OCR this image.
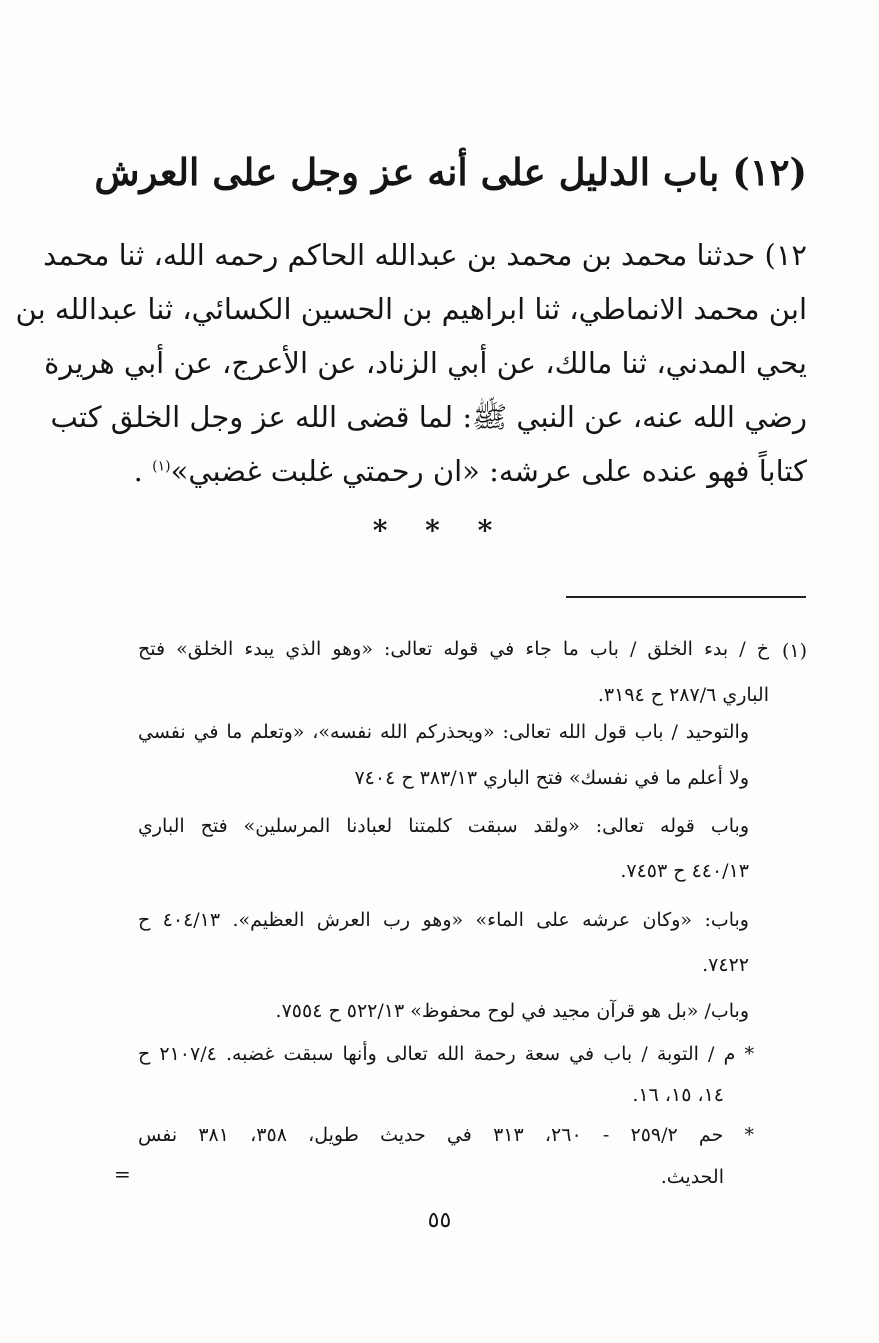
(١٢) باب الدليل على أنه عز وجل على العرش
١٢) حدثنا محمد بن محمد بن عبدالله الحاكم رحمه الله، ثنا محمد
ابن محمد الانماطي، ثنا ابراهيم بن الحسين الكسائي، ثنا عبدالله بن
يحي المدني، ثنا مالك، عن أبي الزناد، عن الأعرج، عن أبي هريرة
رضي الله عنه، عن النبي ﷺ: لما قضى الله عز وجل الخلق كتب
كتاباً فهو عنده على عرشه: «ان رحمتي غلبت غضبي»$^{(١)}$ .
* * *
(١)
خ / بدء الخلق / باب ما جاء في قوله تعالى: «وهو الذي يبدء الخلق» فتح
الباري ٢٨٧/٦ ح ٣١٩٤.
والتوحيد / باب قول الله تعالى: «ويحذركم الله نفسه»، «وتعلم ما في نفسي
ولا أعلم ما في نفسك» فتح الباري ٣٨٣/١٣ ح ٧٤٠٤
وباب قوله تعالى: «ولقد سبقت كلمتنا لعبادنا المرسلين» فتح الباري
٤٤٠/١٣ ح ٧٤٥٣.
وباب: «وكان عرشه على الماء» «وهو رب العرش العظيم». ٤٠٤/١٣ ح
٧٤٢٢.
وباب/ «بل هو قرآن مجيد في لوح محفوظ» ٥٢٢/١٣ ح ٧٥٥٤.
* م / التوبة / باب في سعة رحمة الله تعالى وأنها سبقت غضبه. ٢١٠٧/٤ ح
١٤، ١٥، ١٦.
* حم ٢٥٩/٢ - ٢٦٠، ٣١٣ في حديث طويل، ٣٥٨، ٣٨١ نفس
الحديث.
=
٥٥
